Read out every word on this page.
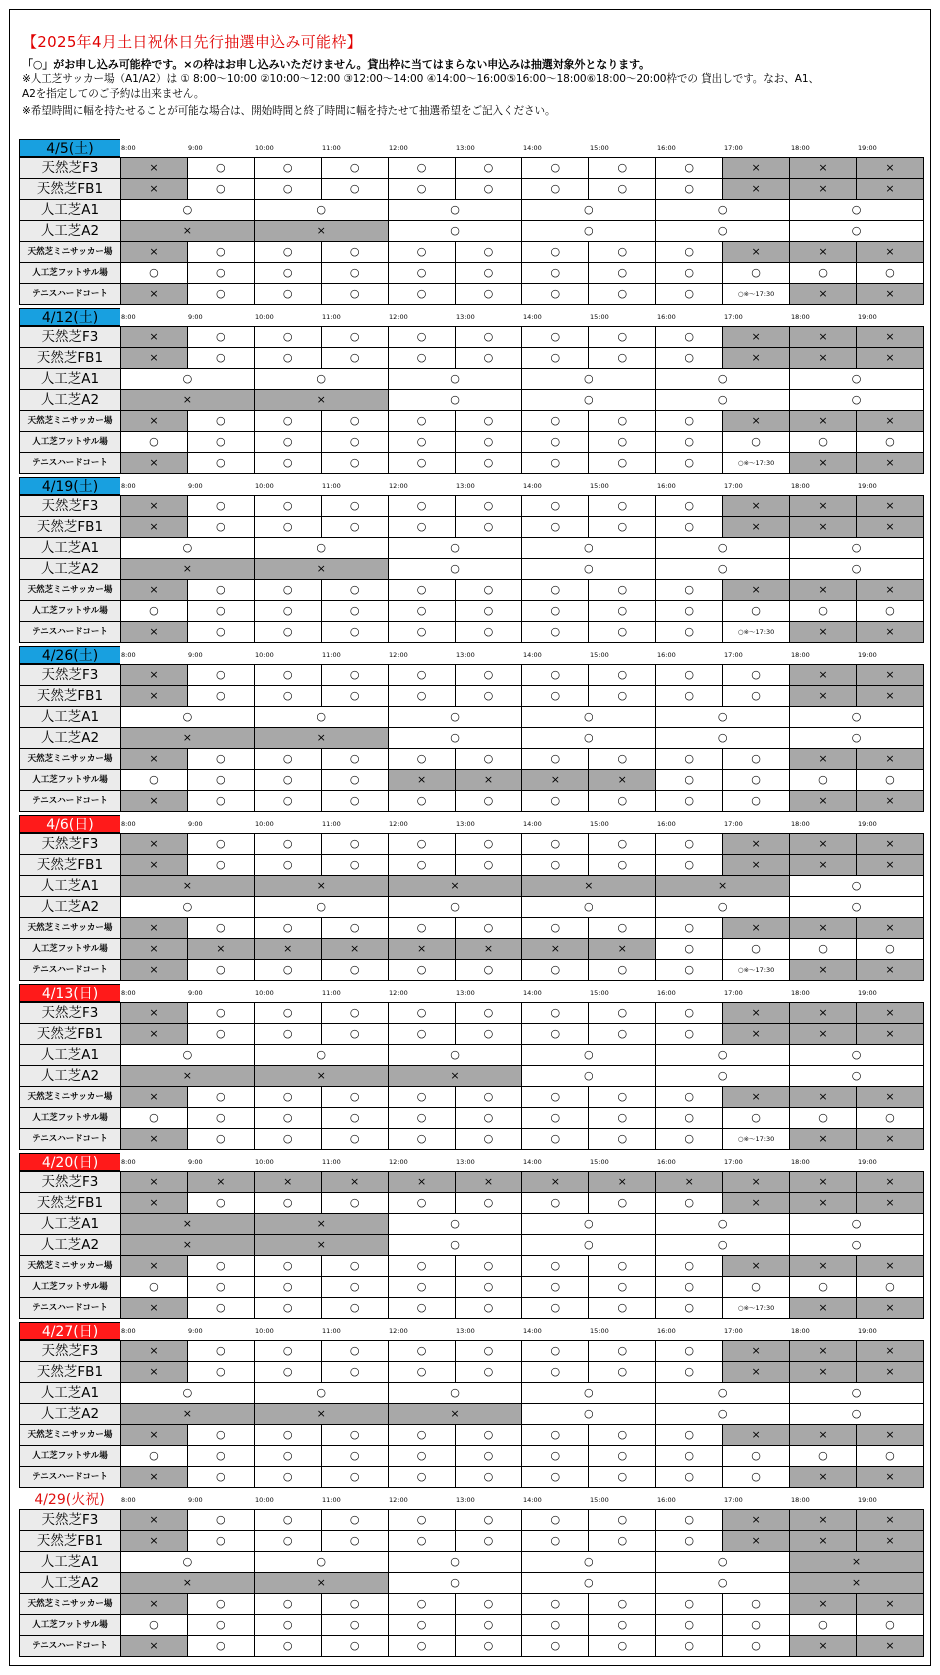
【2025年4月土日祝休日先行抽選申込み可能枠】
「○」がお申し込み可能枠です。×の枠はお申し込みいただけません。貸出枠に当てはまらない申込みは抽選対象外となります。
※人工芝サッカー場（A1/A2）は ① 8:00～10:00 ②10:00～12:00 ③12:00～14:00 ④14:00～16:00⑤16:00～18:00⑥18:00～20:00枠での 貸出しです。なお、A1、
A2を指定してのご予約は出来ません。
※希望時間に幅を持たせることが可能な場合は、開始時間と終了時間に幅を持たせて抽選希望をご記入ください。
4/5(土)	8:00	9:00	10:00	11:00	12:00	13:00	14:00	15:00	16:00	17:00	18:00	19:00
天然芝F3	×	○	○	○	○	○	○	○	○	×	×	×
天然芝FB1	×	○	○	○	○	○	○	○	○	×	×	×
人工芝A1	○		○		○		○		○		○	
人工芝A2	×		×		○		○		○		○	
天然芝ミニサッカー場	×	○	○	○	○	○	○	○	○	×	×	×
人工芝フットサル場	○	○	○	○	○	○	○	○	○	○	○	○
テニスハードコート	×	○	○	○	○	○	○	○	○	○※～17:30	×	×
4/12(土)	8:00	9:00	10:00	11:00	12:00	13:00	14:00	15:00	16:00	17:00	18:00	19:00
天然芝F3	×	○	○	○	○	○	○	○	○	×	×	×
天然芝FB1	×	○	○	○	○	○	○	○	○	×	×	×
人工芝A1	○		○		○		○		○		○	
人工芝A2	×		×		○		○		○		○	
天然芝ミニサッカー場	×	○	○	○	○	○	○	○	○	×	×	×
人工芝フットサル場	○	○	○	○	○	○	○	○	○	○	○	○
テニスハードコート	×	○	○	○	○	○	○	○	○	○※～17:30	×	×
4/19(土)	8:00	9:00	10:00	11:00	12:00	13:00	14:00	15:00	16:00	17:00	18:00	19:00
天然芝F3	×	○	○	○	○	○	○	○	○	×	×	×
天然芝FB1	×	○	○	○	○	○	○	○	○	×	×	×
人工芝A1	○		○		○		○		○		○	
人工芝A2	×		×		○		○		○		○	
天然芝ミニサッカー場	×	○	○	○	○	○	○	○	○	×	×	×
人工芝フットサル場	○	○	○	○	○	○	○	○	○	○	○	○
テニスハードコート	×	○	○	○	○	○	○	○	○	○※～17:30	×	×
4/26(土)	8:00	9:00	10:00	11:00	12:00	13:00	14:00	15:00	16:00	17:00	18:00	19:00
天然芝F3	×	○	○	○	○	○	○	○	○	○	×	×
天然芝FB1	×	○	○	○	○	○	○	○	○	○	×	×
人工芝A1	○		○		○		○		○		○	
人工芝A2	×		×		○		○		○		○	
天然芝ミニサッカー場	×	○	○	○	○	○	○	○	○	○	×	×
人工芝フットサル場	○	○	○	○	×	×	×	×	○	○	○	○
テニスハードコート	×	○	○	○	○	○	○	○	○	○	×	×
4/6(日)	8:00	9:00	10:00	11:00	12:00	13:00	14:00	15:00	16:00	17:00	18:00	19:00
天然芝F3	×	○	○	○	○	○	○	○	○	×	×	×
天然芝FB1	×	○	○	○	○	○	○	○	○	×	×	×
人工芝A1	×		×		×		×		×		○	
人工芝A2	○		○		○		○		○		○	
天然芝ミニサッカー場	×	○	○	○	○	○	○	○	○	×	×	×
人工芝フットサル場	×	×	×	×	×	×	×	×	○	○	○	○
テニスハードコート	×	○	○	○	○	○	○	○	○	○※～17:30	×	×
4/13(日)	8:00	9:00	10:00	11:00	12:00	13:00	14:00	15:00	16:00	17:00	18:00	19:00
天然芝F3	×	○	○	○	○	○	○	○	○	×	×	×
天然芝FB1	×	○	○	○	○	○	○	○	○	×	×	×
人工芝A1	○		○		○		○		○		○	
人工芝A2	×		×		×		○		○		○	
天然芝ミニサッカー場	×	○	○	○	○	○	○	○	○	×	×	×
人工芝フットサル場	○	○	○	○	○	○	○	○	○	○	○	○
テニスハードコート	×	○	○	○	○	○	○	○	○	○※～17:30	×	×
4/20(日)	8:00	9:00	10:00	11:00	12:00	13:00	14:00	15:00	16:00	17:00	18:00	19:00
天然芝F3	×	×	×	×	×	×	×	×	×	×	×	×
天然芝FB1	×	○	○	○	○	○	○	○	○	×	×	×
人工芝A1	×		×		○		○		○		○	
人工芝A2	×		×		○		○		○		○	
天然芝ミニサッカー場	×	○	○	○	○	○	○	○	○	×	×	×
人工芝フットサル場	○	○	○	○	○	○	○	○	○	○	○	○
テニスハードコート	×	○	○	○	○	○	○	○	○	○※～17:30	×	×
4/27(日)	8:00	9:00	10:00	11:00	12:00	13:00	14:00	15:00	16:00	17:00	18:00	19:00
天然芝F3	×	○	○	○	○	○	○	○	○	×	×	×
天然芝FB1	×	○	○	○	○	○	○	○	○	×	×	×
人工芝A1	○		○		○		○		○		○	
人工芝A2	×		×		×		○		○		○	
天然芝ミニサッカー場	×	○	○	○	○	○	○	○	○	×	×	×
人工芝フットサル場	○	○	○	○	○	○	○	○	○	○	○	○
テニスハードコート	×	○	○	○	○	○	○	○	○	○	×	×
4/29(火祝)	8:00	9:00	10:00	11:00	12:00	13:00	14:00	15:00	16:00	17:00	18:00	19:00
天然芝F3	×	○	○	○	○	○	○	○	○	×	×	×
天然芝FB1	×	○	○	○	○	○	○	○	○	×	×	×
人工芝A1	○		○		○		○		○		×	
人工芝A2	×		×		○		○		○		×	
天然芝ミニサッカー場	×	○	○	○	○	○	○	○	○	○	×	×
人工芝フットサル場	○	○	○	○	○	○	○	○	○	○	○	○
テニスハードコート	×	○	○	○	○	○	○	○	○	○	×	×
